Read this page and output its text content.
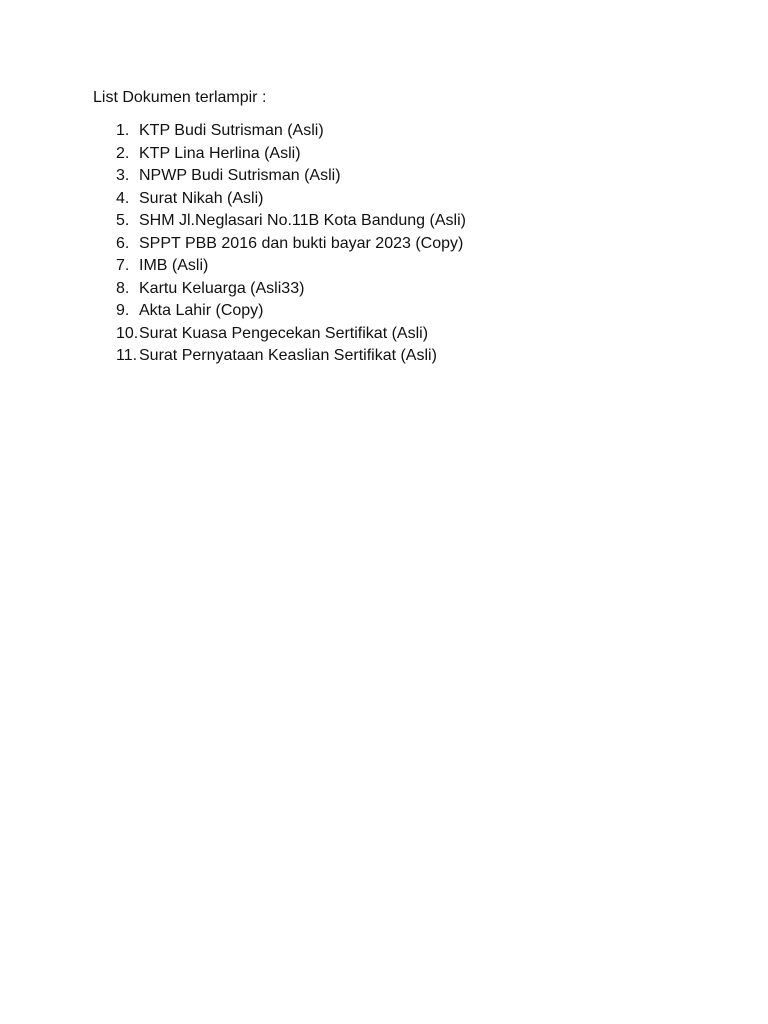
List Dokumen terlampir :

1. KTP Budi Sutrisman (Asli)
2. KTP Lina Herlina (Asli)
3. NPWP Budi Sutrisman (Asli)
4. Surat Nikah (Asli)
5. SHM Jl.Neglasari No.11B Kota Bandung (Asli)
6. SPPT PBB 2016 dan bukti bayar 2023 (Copy)
7. IMB (Asli)
8. Kartu Keluarga (Asli33)
9. Akta Lahir (Copy)
10. Surat Kuasa Pengecekan Sertifikat (Asli)
11. Surat Pernyataan Keaslian Sertifikat (Asli)
